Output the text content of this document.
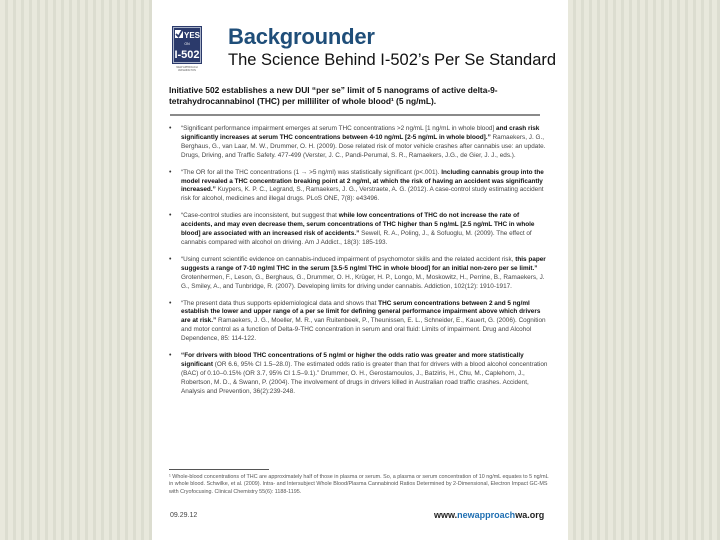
YES
ON
I-502
NEW APPROACH
WASHINGTON
Backgrounder
The Science Behind I-502’s Per Se Standard
Initiative 502 establishes a new DUI “per se” limit of 5 nanograms of active delta-9-tetrahydrocannabinol (THC) per milliliter of whole blood¹ (5 ng/mL).
• “Significant performance impairment emerges at serum THC concentrations >2 ng/mL [1 ng/mL in whole blood] and crash risk significantly increases at serum THC concentrations between 4-10 ng/mL [2-5 ng/mL in whole blood].” Ramaekers, J. G., Berghaus, G., van Laar, M. W., Drummer, O. H. (2009). Dose related risk of motor vehicle crashes after cannabis use: an update. Drugs, Driving, and Traffic Safety. 477-499 (Verster, J. C., Pandi-Perumal, S. R., Ramaekers, J.G., de Gier, J. J., eds.).
• “The OR for all the THC concentrations (1 → >5 ng/ml) was statistically significant (p<.001). Including cannabis group into the model revealed a THC concentration breaking point at 2 ng/ml, at which the risk of having an accident was significantly increased.” Kuypers, K. P. C., Legrand, S., Ramaekers, J. G., Verstraete, A. G. (2012). A case-control study estimating accident risk for alcohol, medicines and illegal drugs. PLoS ONE, 7(8): e43496.
• “Case-control studies are inconsistent, but suggest that while low concentrations of THC do not increase the rate of accidents, and may even decrease them, serum concentrations of THC higher than 5 ng/mL [2.5 ng/mL THC in whole blood] are associated with an increased risk of accidents.” Sewell, R. A., Poling, J., & Sofuoglu, M. (2009). The effect of cannabis compared with alcohol on driving. Am J Addict., 18(3): 185-193.
• “Using current scientific evidence on cannabis-induced impairment of psychomotor skills and the related accident risk, this paper suggests a range of 7-10 ng/ml THC in the serum [3.5-5 ng/ml THC in whole blood] for an initial non-zero per se limit.” Grotenhermen, F., Leson, G., Berghaus, G., Drummer, O. H., Krüger, H. P., Longo, M., Moskowitz, H., Perrine, B., Ramaekers, J. G., Smiley, A., and Tunbridge, R. (2007). Developing limits for driving under cannabis. Addiction, 102(12): 1910-1917.
• “The present data thus supports epidemiological data and shows that THC serum concentrations between 2 and 5 ng/ml establish the lower and upper range of a per se limit for defining general performance impairment above which drivers are at risk.” Ramaekers, J. G., Moeller, M. R., van Ruitenbeek, P., Theunissen, E. L., Schneider, E., Kauert, G. (2006). Cognition and motor control as a function of Delta-9-THC concentration in serum and oral fluid: Limits of impairment. Drug and Alcohol Dependence, 85: 114-122.
• “For drivers with blood THC concentrations of 5 ng/ml or higher the odds ratio was greater and more statistically significant (OR 6.6, 95% CI 1.5–28.0). The estimated odds ratio is greater than that for drivers with a blood alcohol concentration (BAC) of 0.10–0.15% (OR 3.7, 95% CI 1.5–9.1).” Drummer, O. H., Gerostamoulos, J., Batziris, H., Chu, M., Caplehorn, J., Robertson, M. D., & Swann, P. (2004). The involvement of drugs in drivers killed in Australian road traffic crashes. Accident, Analysis and Prevention, 36(2):239-248.
¹ Whole-blood concentrations of THC are approximately half of those in plasma or serum. So, a plasma or serum concentration of 10 ng/mL equates to 5 ng/mL in whole blood. Schwilke, et al. (2009). Intra- and Intersubject Whole Blood/Plasma Cannabinoid Ratios Determined by 2-Dimensional, Electron Impact GC-MS with Cryofocusing. Clinical Chemistry 55(6): 1188-1195.
09.29.12	www.newapproachwa.org
